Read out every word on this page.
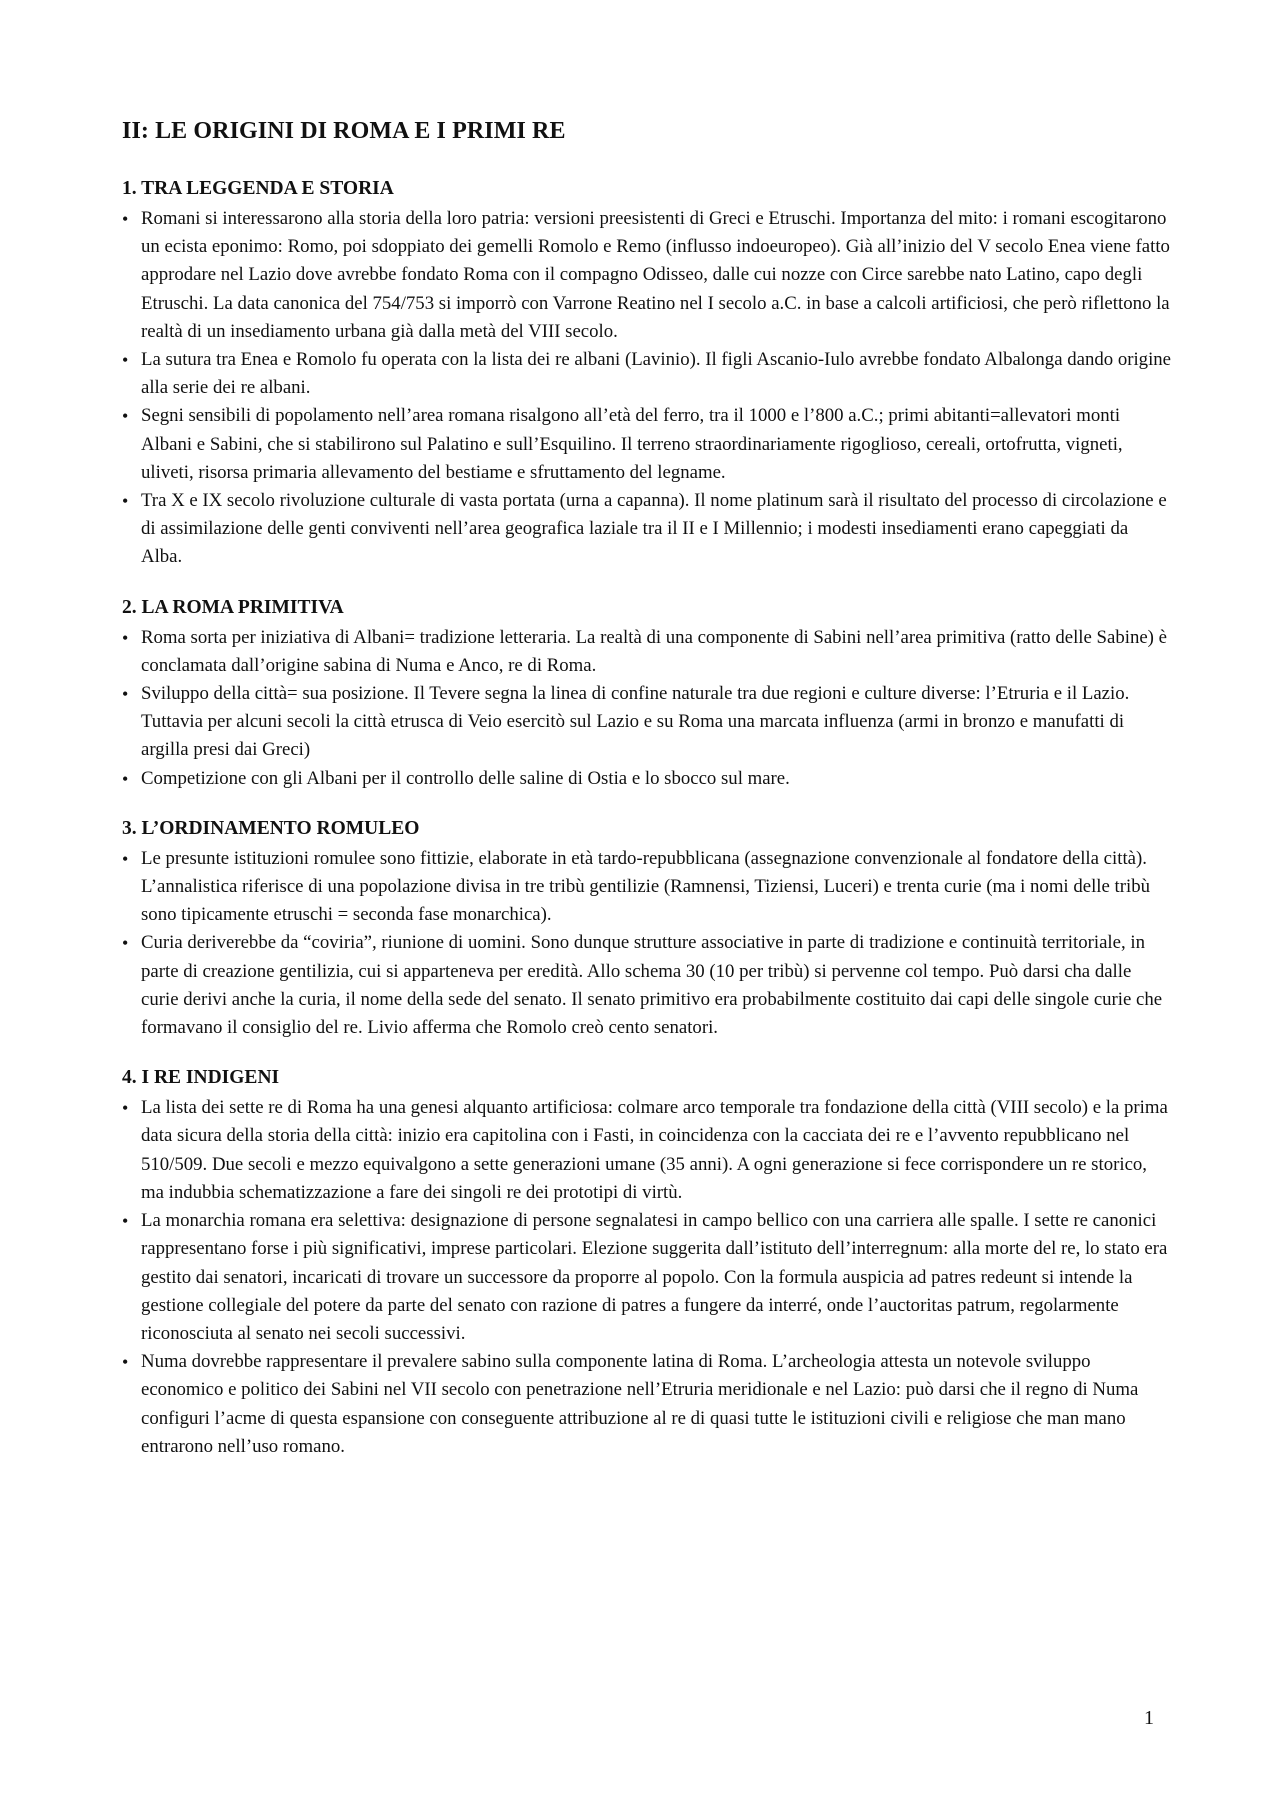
II: LE ORIGINI DI ROMA E I PRIMI RE
1. TRA LEGGENDA E STORIA
• Romani si interessarono alla storia della loro patria: versioni preesistenti di Greci e Etruschi. Importanza del mito: i romani escogitarono un ecista eponimo: Romo, poi sdoppiato dei gemelli Romolo e Remo (influsso indoeuropeo). Già all’inizio del V secolo Enea viene fatto approdare nel Lazio dove avrebbe fondato Roma con il compagno Odisseo, dalle cui nozze con Circe sarebbe nato Latino, capo degli Etruschi. La data canonica del 754/753 si imporrò con Varrone Reatino nel I secolo a.C. in base a calcoli artificiosi, che però riflettono la realtà di un insediamento urbana già dalla metà del VIII secolo.
• La sutura tra Enea e Romolo fu operata con la lista dei re albani (Lavinio). Il figli Ascanio-Iulo avrebbe fondato Albalonga dando origine alla serie dei re albani.
• Segni sensibili di popolamento nell’area romana risalgono all’età del ferro, tra il 1000 e l’800 a.C.; primi abitanti=allevatori monti Albani e Sabini, che si stabilirono sul Palatino e sull’Esquilino. Il terreno straordinariamente rigoglioso, cereali, ortofrutta, vigneti, uliveti, risorsa primaria allevamento del bestiame e sfruttamento del legname.
• Tra X e IX secolo rivoluzione culturale di vasta portata (urna a capanna). Il nome platinum sarà il risultato del processo di circolazione e di assimilazione delle genti conviventi nell’area geografica laziale tra il II e I Millennio; i modesti insediamenti erano capeggiati da Alba.
2. LA ROMA PRIMITIVA
• Roma sorta per iniziativa di Albani= tradizione letteraria. La realtà di una componente di Sabini nell’area primitiva (ratto delle Sabine) è conclamata dall’origine sabina di Numa e Anco, re di Roma.
• Sviluppo della città= sua posizione. Il Tevere segna la linea di confine naturale tra due regioni e culture diverse: l’Etruria e il Lazio. Tuttavia per alcuni secoli la città etrusca di Veio esercitò sul Lazio e su Roma una marcata influenza (armi in bronzo e manufatti di argilla presi dai Greci)
• Competizione con gli Albani per il controllo delle saline di Ostia e lo sbocco sul mare.
3. L’ORDINAMENTO ROMULEO
• Le presunte istituzioni romulee sono fittizie, elaborate in età tardo-repubblicana (assegnazione convenzionale al fondatore della città). L’annalistica riferisce di una popolazione divisa in tre tribù gentilizie (Ramnensi, Tiziensi, Luceri) e trenta curie (ma i nomi delle tribù sono tipicamente etruschi = seconda fase monarchica).
• Curia deriverebbe da “coviria”, riunione di uomini. Sono dunque strutture associative in parte di tradizione e continuità territoriale, in parte di creazione gentilizia, cui si apparteneva per eredità. Allo schema 30 (10 per tribù) si pervenne col tempo. Può darsi cha dalle curie derivi anche la curia, il nome della sede del senato. Il senato primitivo era probabilmente costituito dai capi delle singole curie che formavano il consiglio del re. Livio afferma che Romolo creò cento senatori.
4. I RE INDIGENI
• La lista dei sette re di Roma ha una genesi alquanto artificiosa: colmare arco temporale tra fondazione della città (VIII secolo) e la prima data sicura della storia della città: inizio era capitolina con i Fasti, in coincidenza con la cacciata dei re e l’avvento repubblicano nel 510/509. Due secoli e mezzo equivalgono a sette generazioni umane (35 anni). A ogni generazione si fece corrispondere un re storico, ma indubbia schematizzazione a fare dei singoli re dei prototipi di virtù.
• La monarchia romana era selettiva: designazione di persone segnalatesi in campo bellico con una carriera alle spalle. I sette re canonici rappresentano forse i più significativi, imprese particolari. Elezione suggerita dall’istituto dell’interregnum: alla morte del re, lo stato era gestito dai senatori, incaricati di trovare un successore da proporre al popolo. Con la formula auspicia ad patres redeunt si intende la gestione collegiale del potere da parte del senato con razione di patres a fungere da interré, onde l’auctoritas patrum, regolarmente riconosciuta al senato nei secoli successivi.
• Numa dovrebbe rappresentare il prevalere sabino sulla componente latina di Roma. L’archeologia attesta un notevole sviluppo economico e politico dei Sabini nel VII secolo con penetrazione nell’Etruria meridionale e nel Lazio: può darsi che il regno di Numa configuri l’acme di questa espansione con conseguente attribuzione al re di quasi tutte le istituzioni civili e religiose che man mano entrarono nell’uso romano.
1
